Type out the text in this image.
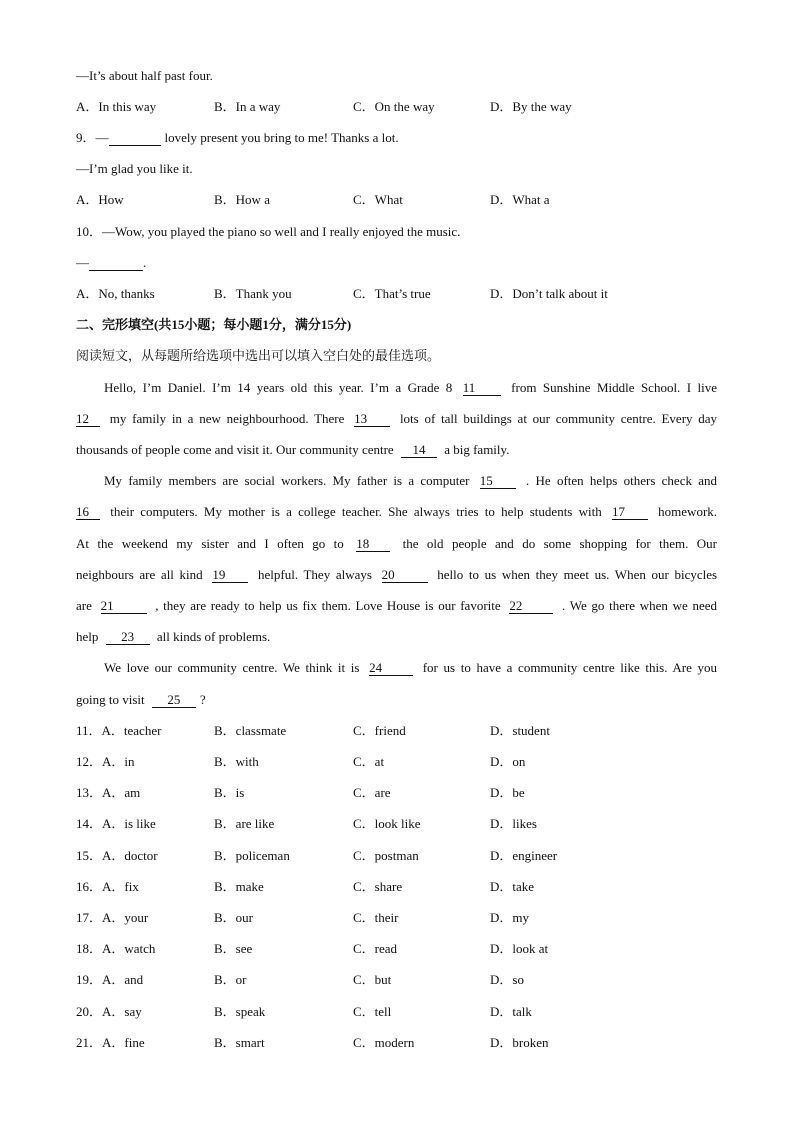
—It’s about half past four.
A．In this way	B．In a way	C．On the way	D．By the way
9．—	lovely present you bring to me! Thanks a lot.
—I’m glad you like it.
A．How	B．How a	C．What	D．What a
10．—Wow, you played the piano so well and I really enjoyed the music.
—	.
A．No, thanks	B．Thank you	C．That’s true	D．Don’t talk about it
二、完形填空(共15小题；每小题1分，满分15分)
阅读短文，从每题所给选项中选出可以填入空白处的最佳选项。
Hello, I’m Daniel. I’m 14 years old this year. I’m a Grade 8 11	from Sunshine Middle School. I live
12 my family in a new neighbourhood. There 13	lots of tall buildings at our community centre. Every day
thousands of people come and visit it. Our community centre 14 a big family.
My family members are social workers. My father is a computer 15	. He often helps others check and
16 their computers. My mother is a college teacher. She always tries to help students with 17	homework.
At the weekend my sister and I often go to 18	the old people and do some shopping for them. Our
neighbours are all kind 19	helpful. They always 20	hello to us when they meet us. When our bicycles
are 21	, they are ready to help us fix them. Love House is our favorite 22	. We go there when we need
help 23 all kinds of problems.
We love our community centre. We think it is 24	for us to have a community centre like this. Are you
going to visit 25 ?
11．A．teacher	B．classmate	C．friend	D．student
12．A．in	B．with	C．at	D．on
13．A．am	B．is	C．are	D．be
14．A．is like	B．are like	C．look like	D．likes
15．A．doctor	B．policeman	C．postman	D．engineer
16．A．fix	B．make	C．share	D．take
17．A．your	B．our	C．their	D．my
18．A．watch	B．see	C．read	D．look at
19．A．and	B．or	C．but	D．so
20．A．say	B．speak	C．tell	D．talk
21．A．fine	B．smart	C．modern	D．broken
